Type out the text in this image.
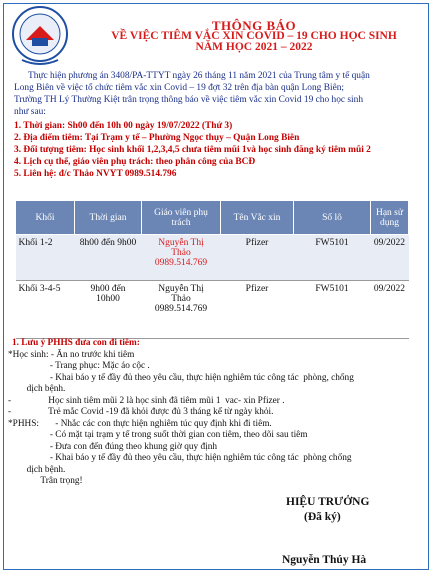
THÔNG BÁO
VỀ VIỆC TIÊM VẮC XIN COVID – 19 CHO HỌC SINH
NĂM HỌC 2021 – 2022
Thực hiện phương án 3408/PA-TTYT ngày 26 tháng 11 năm 2021 của Trung tâm y tế quận
Long Biên về việc tổ chức tiêm vắc xin Covid – 19 đợt 32 trên địa bàn quận Long Biên;
Trường TH Lý Thường Kiệt trân trọng thông báo về việc tiêm vắc xin Covid 19 cho học sinh
như sau:
1. Thời gian: Sh00 đến 10h 00 ngày 19/07/2022 (Thứ 3)
2. Địa điểm tiêm: Tại Trạm y tế – Phường Ngọc thụy – Quận Long Biên
3. Đối tượng tiêm: Học sinh khối 1,2,3,4,5 chưa tiêm mũi 1và học sinh đăng ký tiêm mũi 2
4. Lịch cụ thể, giáo viên phụ trách: theo phân công của BCĐ
5. Liên hệ: đ/c Thảo NVYT 0989.514.796
Khối	Thời gian	Giáo viên phụ trách	Tên Vắc xin	Số lô	Hạn sử dụng
Khối 1-2	8h00 đến 9h00	Nguyễn Thị
Thảo
0989.514.769	Pfizer	FW5101	09/2022
Khối 3-4-5	9h00 đến 10h00	Nguyễn Thị
Thảo
0989.514.769	Pfizer	FW5101	09/2022
1. Lưu ý PHHS đưa con đi tiêm:
*Học sinh: - Ăn no trước khi tiêm
- Trang phục: Mặc áo cộc .
- Khai báo y tế đầy đủ theo yêu cầu, thực hiện nghiêm túc công tác  phòng, chống
dịch bệnh.
-                Học sinh tiêm mũi 2 là học sinh đã tiêm mũi 1  vac- xin Pfizer .
-                Trẻ mắc Covid -19 đã khỏi được đủ 3 tháng kể từ ngày khỏi.
*PHHS:       - Nhắc các con thực hiện nghiêm túc quy định khi đi tiêm.
- Có mặt tại trạm y tế trong suốt thời gian con tiêm, theo dõi sau tiêm
- Đưa con đến đúng theo khung giờ quy định
- Khai báo y tế đầy đủ theo yêu cầu, thực hiện nghiêm túc công tác  phòng chống
dịch bệnh.
Trân trọng!
HIỆU TRƯỞNG
(Đã ký)
Nguyễn Thúy Hà
